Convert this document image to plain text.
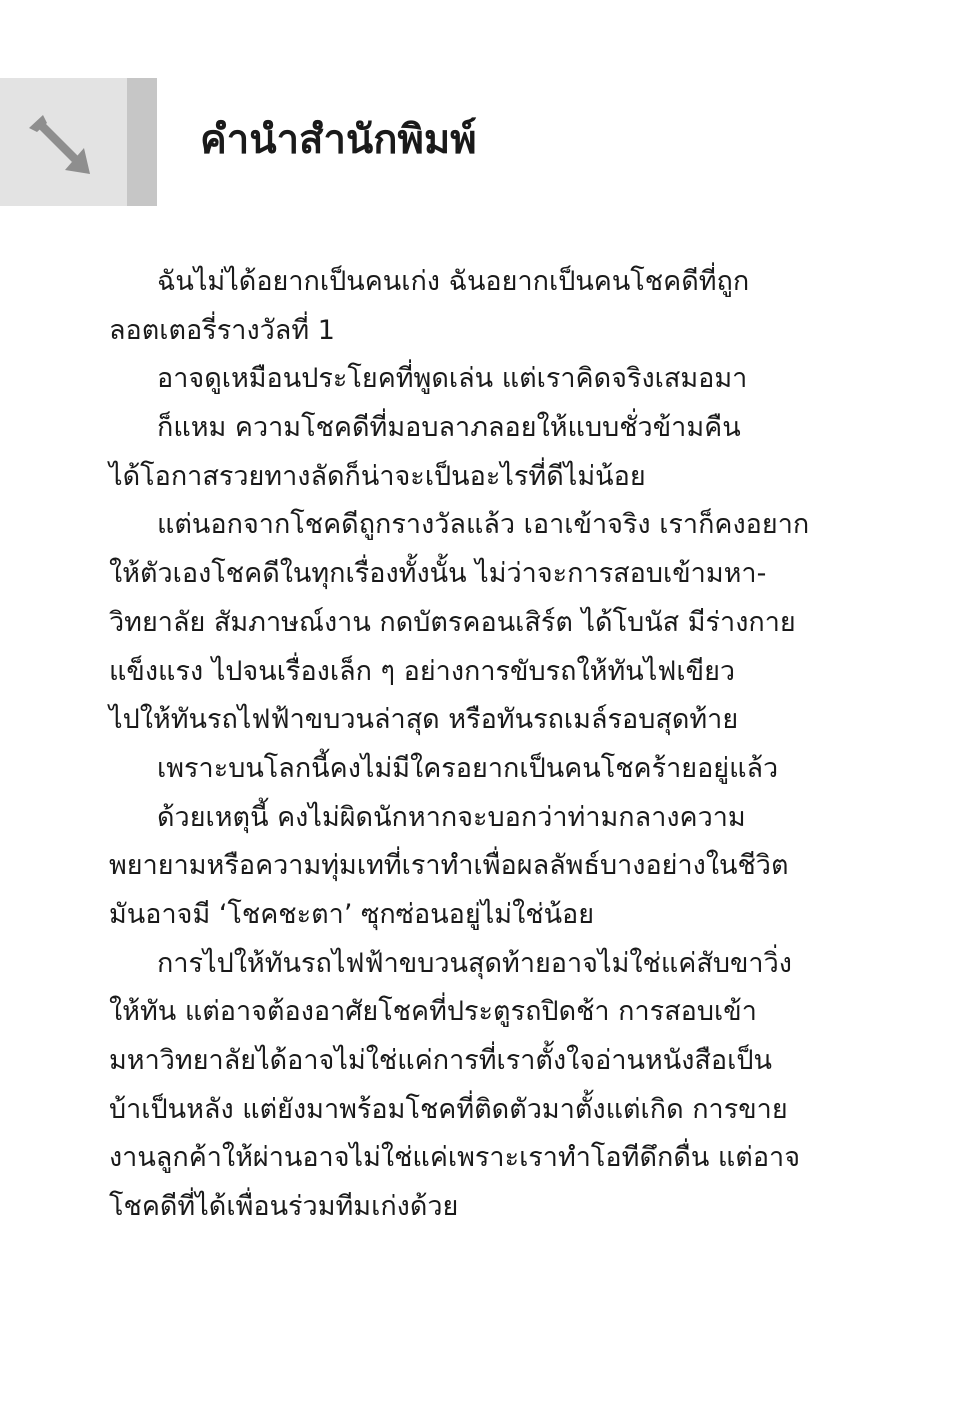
คำนำสำนักพิมพ์
ฉันไม่ได้อยากเป็นคนเก่ง ฉันอยากเป็นคนโชคดีที่ถูก
ลอตเตอรี่รางวัลที่ 1
อาจดูเหมือนประโยคที่พูดเล่น แต่เราคิดจริงเสมอมา
ก็แหม ความโชคดีที่มอบลาภลอยให้แบบชั่วข้ามคืน
ได้โอกาสรวยทางลัดก็น่าจะเป็นอะไรที่ดีไม่น้อย
แต่นอกจากโชคดีถูกรางวัลแล้ว เอาเข้าจริง เราก็คงอยาก
ให้ตัวเองโชคดีในทุกเรื่องทั้งนั้น ไม่ว่าจะการสอบเข้ามหา-
วิทยาลัย สัมภาษณ์งาน กดบัตรคอนเสิร์ต ได้โบนัส มีร่างกาย
แข็งแรง ไปจนเรื่องเล็ก ๆ อย่างการขับรถให้ทันไฟเขียว
ไปให้ทันรถไฟฟ้าขบวนล่าสุด หรือทันรถเมล์รอบสุดท้าย
เพราะบนโลกนี้คงไม่มีใครอยากเป็นคนโชคร้ายอยู่แล้ว
ด้วยเหตุนี้ คงไม่ผิดนักหากจะบอกว่าท่ามกลางความ
พยายามหรือความทุ่มเทที่เราทำเพื่อผลลัพธ์บางอย่างในชีวิต
มันอาจมี ‘โชคชะตา’ ซุกซ่อนอยู่ไม่ใช่น้อย
การไปให้ทันรถไฟฟ้าขบวนสุดท้ายอาจไม่ใช่แค่สับขาวิ่ง
ให้ทัน แต่อาจต้องอาศัยโชคที่ประตูรถปิดช้า การสอบเข้า
มหาวิทยาลัยได้อาจไม่ใช่แค่การที่เราตั้งใจอ่านหนังสือเป็น
บ้าเป็นหลัง แต่ยังมาพร้อมโชคที่ติดตัวมาตั้งแต่เกิด การขาย
งานลูกค้าให้ผ่านอาจไม่ใช่แค่เพราะเราทำโอทีดึกดื่น แต่อาจ
โชคดีที่ได้เพื่อนร่วมทีมเก่งด้วย
